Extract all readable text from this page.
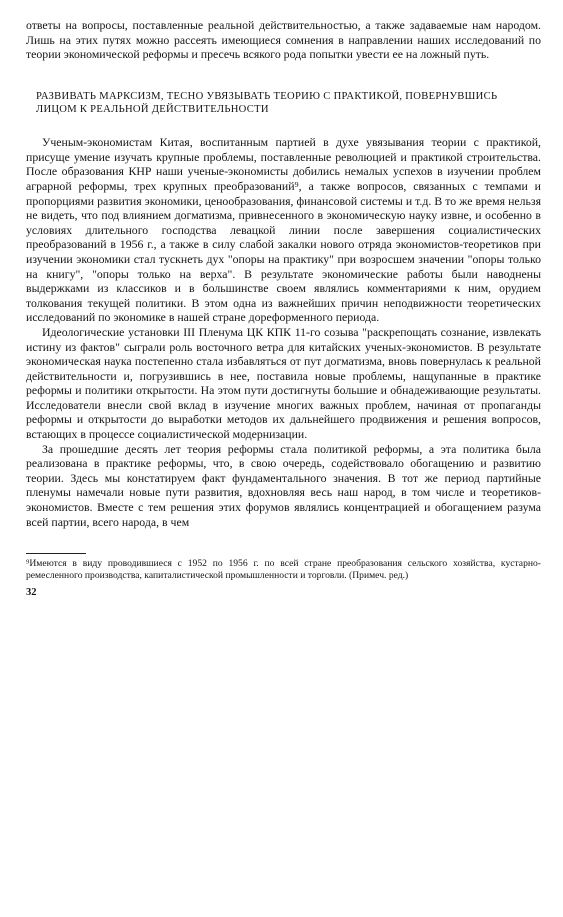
ответы на вопросы, поставленные реальной действительностью, а также задаваемые нам народом. Лишь на этих путях можно рассеять имеющиеся сомнения в направлении наших исследований по теории экономической реформы и пресечь всякого рода попытки увести ее на ложный путь.

РАЗВИВАТЬ МАРКСИЗМ, ТЕСНО УВЯЗЫВАТЬ ТЕОРИЮ С ПРАКТИКОЙ, ПОВЕРНУВШИСЬ ЛИЦОМ К РЕАЛЬНОЙ ДЕЙСТВИТЕЛЬНОСТИ

Ученым-экономистам Китая, воспитанным партией в духе увязывания теории с практикой, присуще умение изучать крупные проблемы, поставленные революцией и практикой строительства. После образования КНР наши ученые-экономисты добились немалых успехов в изучении проблем аграрной реформы, трех крупных преобразований⁹, а также вопросов, связанных с темпами и пропорциями развития экономики, ценообразования, финансовой системы и т.д. В то же время нельзя не видеть, что под влиянием догматизма, привнесенного в экономическую науку извне, и особенно в условиях длительного господства левацкой линии после завершения социалистических преобразований в 1956 г., а также в силу слабой закалки нового отряда экономистов-теоретиков при изучении экономики стал тускнеть дух "опоры на практику" при возросшем значении "опоры только на книгу", "опоры только на верха". В результате экономические работы были наводнены выдержками из классиков и в большинстве своем являлись комментариями к ним, орудием толкования текущей политики. В этом одна из важнейших причин неподвижности теоретических исследований по экономике в нашей стране дореформенного периода.

Идеологические установки III Пленума ЦК КПК 11-го созыва "раскрепощать сознание, извлекать истину из фактов" сыграли роль восточного ветра для китайских ученых-экономистов. В результате экономическая наука постепенно стала избавляться от пут догматизма, вновь повернулась к реальной действительности и, погрузившись в нее, поставила новые проблемы, нащупанные в практике реформы и политики открытости. На этом пути достигнуты большие и обнадеживающие результаты. Исследователи внесли свой вклад в изучение многих важных проблем, начиная от пропаганды реформы и открытости до выработки методов их дальнейшего продвижения и решения вопросов, встающих в процессе социалистической модернизации.

За прошедшие десять лет теория реформы стала политикой реформы, а эта политика была реализована в практике реформы, что, в свою очередь, содействовало обогащению и развитию теории. Здесь мы констатируем факт фундаментального значения. В тот же период партийные пленумы намечали новые пути развития, вдохновляя весь наш народ, в том числе и теоретиков-экономистов. Вместе с тем решения этих форумов являлись концентрацией и обогащением разума всей партии, всего народа, в чем

⁹Имеются в виду проводившиеся с 1952 по 1956 г. по всей стране преобразования сельского хозяйства, кустарно-ремесленного производства, капиталистической промышленности и торговли. (Примеч. ред.)

32
